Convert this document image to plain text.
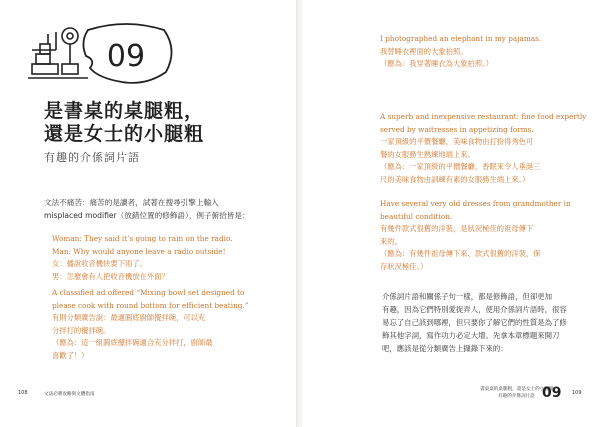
09
是書桌的桌腿粗，
還是女士的小腿粗
有趣的介係詞片語
文法不痛苦：痛苦的是讀者，試著在搜尋引擎上輸入
misplaced modifier（放錯位置的修飾語），例子俯拾皆是：
Woman: They said it’s going to rain on the radio.
Man: Why would anyone leave a radio outside!
女：播說收音機快要下雨了。
男：怎麼會有人把收音機放在外面？
A classified ad offered “Mixing bowl set designed to
please cook with round bottom for efficient beating.”
有則分類廣告說：最適圓底廚師攪拌碗，可以充
分拌打的攪拌碗。
（應為：這一組圓底攪拌碗適合充分拌打，廚師最
喜歡了！）
108	文法必勝攻略與文體指南
I photographed an elephant in my pajamas.
我替睡衣裡面的大象拍照。
（應為：我穿著睡衣為大象拍照。）
A superb and inexpensive restaurant: fine food expertly
served by waitresses in appetizing forms.
一家頂級的平價餐廳，美味食物由打扮得秀色可
餐的女服務生熟練地端上來。
（應為：一家頂級的平價餐廳，香眠來令人垂涎三
尺的美味食物由訓練有素的女服務生端上來。）
Have several very old dresses from grandmother in
beautiful condition.
有幾件款式很舊的洋裝，是狀況極佳的祖母傳下
來的。
（應為：有幾件祖母傳下來、款式很舊的洋裝，保
存狀況極佳。）
介係詞片語和關係子句一樣，都是修飾語，但卻更加
有趣，因為它們特別愛捉弄人，使用介係詞片語時，很容
易忘了自己該到哪裡，但只要你了解它們的性質是為了修
飾其他字詞，寫作功力必定大增。先拿本章標題來開刀
吧，應該是從分類廣告上擷錄下來的：
書桌桌的桌腿粗，還是女士的小腿粗
有趣的介係詞片語 09 109
